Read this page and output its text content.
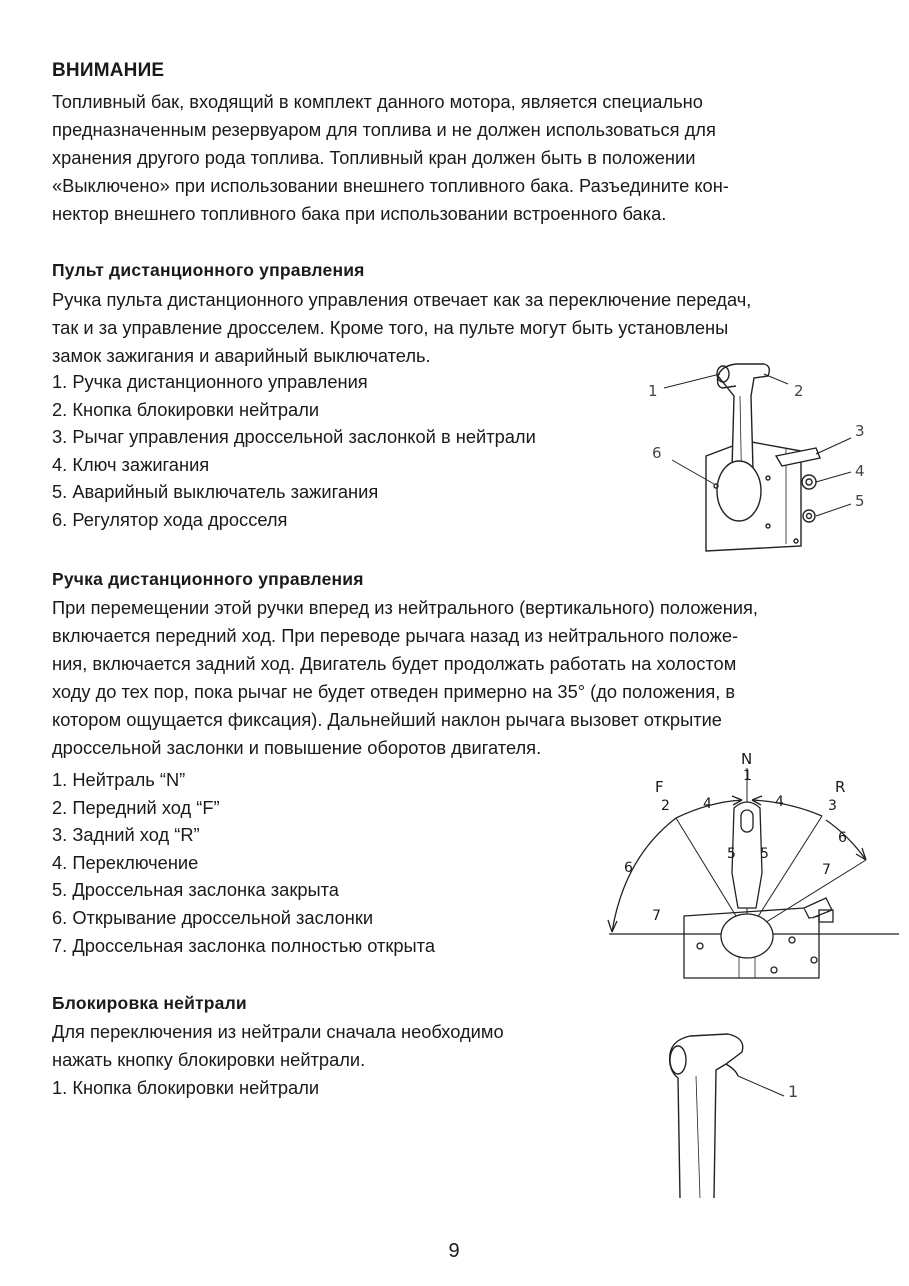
ВНИМАНИЕ
Топливный бак, входящий в комплект данного мотора, является специально
предназначенным резервуаром для топлива и не должен использоваться для
хранения другого рода топлива. Топливный кран должен быть в положении
«Выключено» при использовании внешнего топливного бака. Разъедините кон-
нектор внешнего топливного бака при использовании встроенного бака.
Пульт дистанционного управления
Ручка пульта дистанционного управления отвечает как за переключение передач,
так и за управление дросселем. Кроме того, на пульте могут быть установлены
замок зажигания и аварийный выключатель.
1. Ручка дистанционного управления
2. Кнопка блокировки нейтрали
3. Рычаг управления дроссельной заслонкой в нейтрали
4. Ключ зажигания
5. Аварийный выключатель зажигания
6. Регулятор хода дросселя
1	2
3
4
5
6
Ручка дистанционного управления
При перемещении этой ручки вперед из нейтрального (вертикального) положения,
включается передний ход. При переводе рычага назад из нейтрального положе-
ния, включается задний ход. Двигатель будет продолжать работать на холостом
ходу до тех пор, пока рычаг не будет отведен примерно на 35° (до положения, в
котором ощущается фиксация). Дальнейший наклон рычага вызовет открытие
дроссельной заслонки и повышение оборотов двигателя.
1. Нейтраль “N”
2. Передний ход “F”
3. Задний ход “R”
4. Переключение
5. Дроссельная заслонка закрыта
6. Открывание дроссельной заслонки
7. Дроссельная заслонка полностью открыта
N
1
F
2
R
3
4	4
5 5
6
6
7
7
Блокировка нейтрали
Для переключения из нейтрали сначала необходимо
нажать кнопку блокировки нейтрали.
1. Кнопка блокировки нейтрали	1
9
